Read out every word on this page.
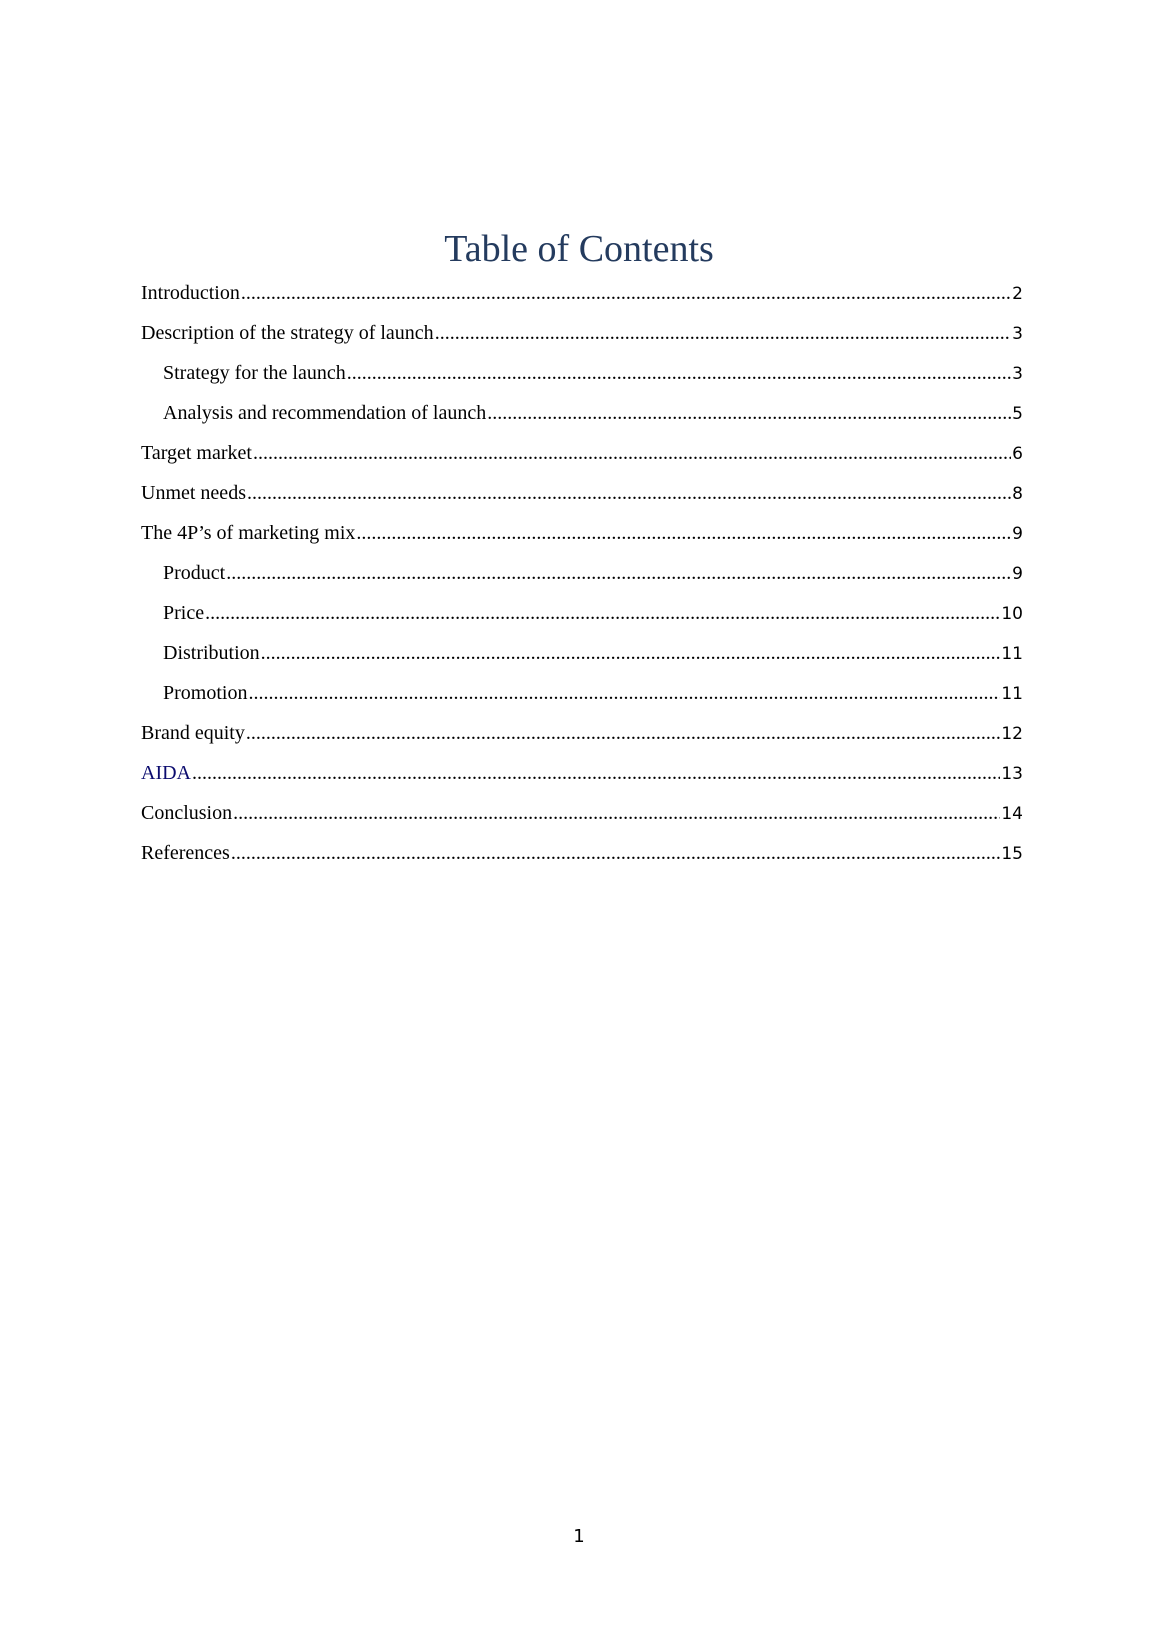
Table of Contents
Introduction .....	2
Description of the strategy of launch .....	3
Strategy for the launch .....	3
Analysis and recommendation of launch .....	5
Target market .....	6
Unmet needs .....	8
The 4P’s of marketing mix .....	9
Product .....	9
Price .....	10
Distribution .....	11
Promotion .....	11
Brand equity .....	12
AIDA .....	13
Conclusion .....	14
References .....	15
1
